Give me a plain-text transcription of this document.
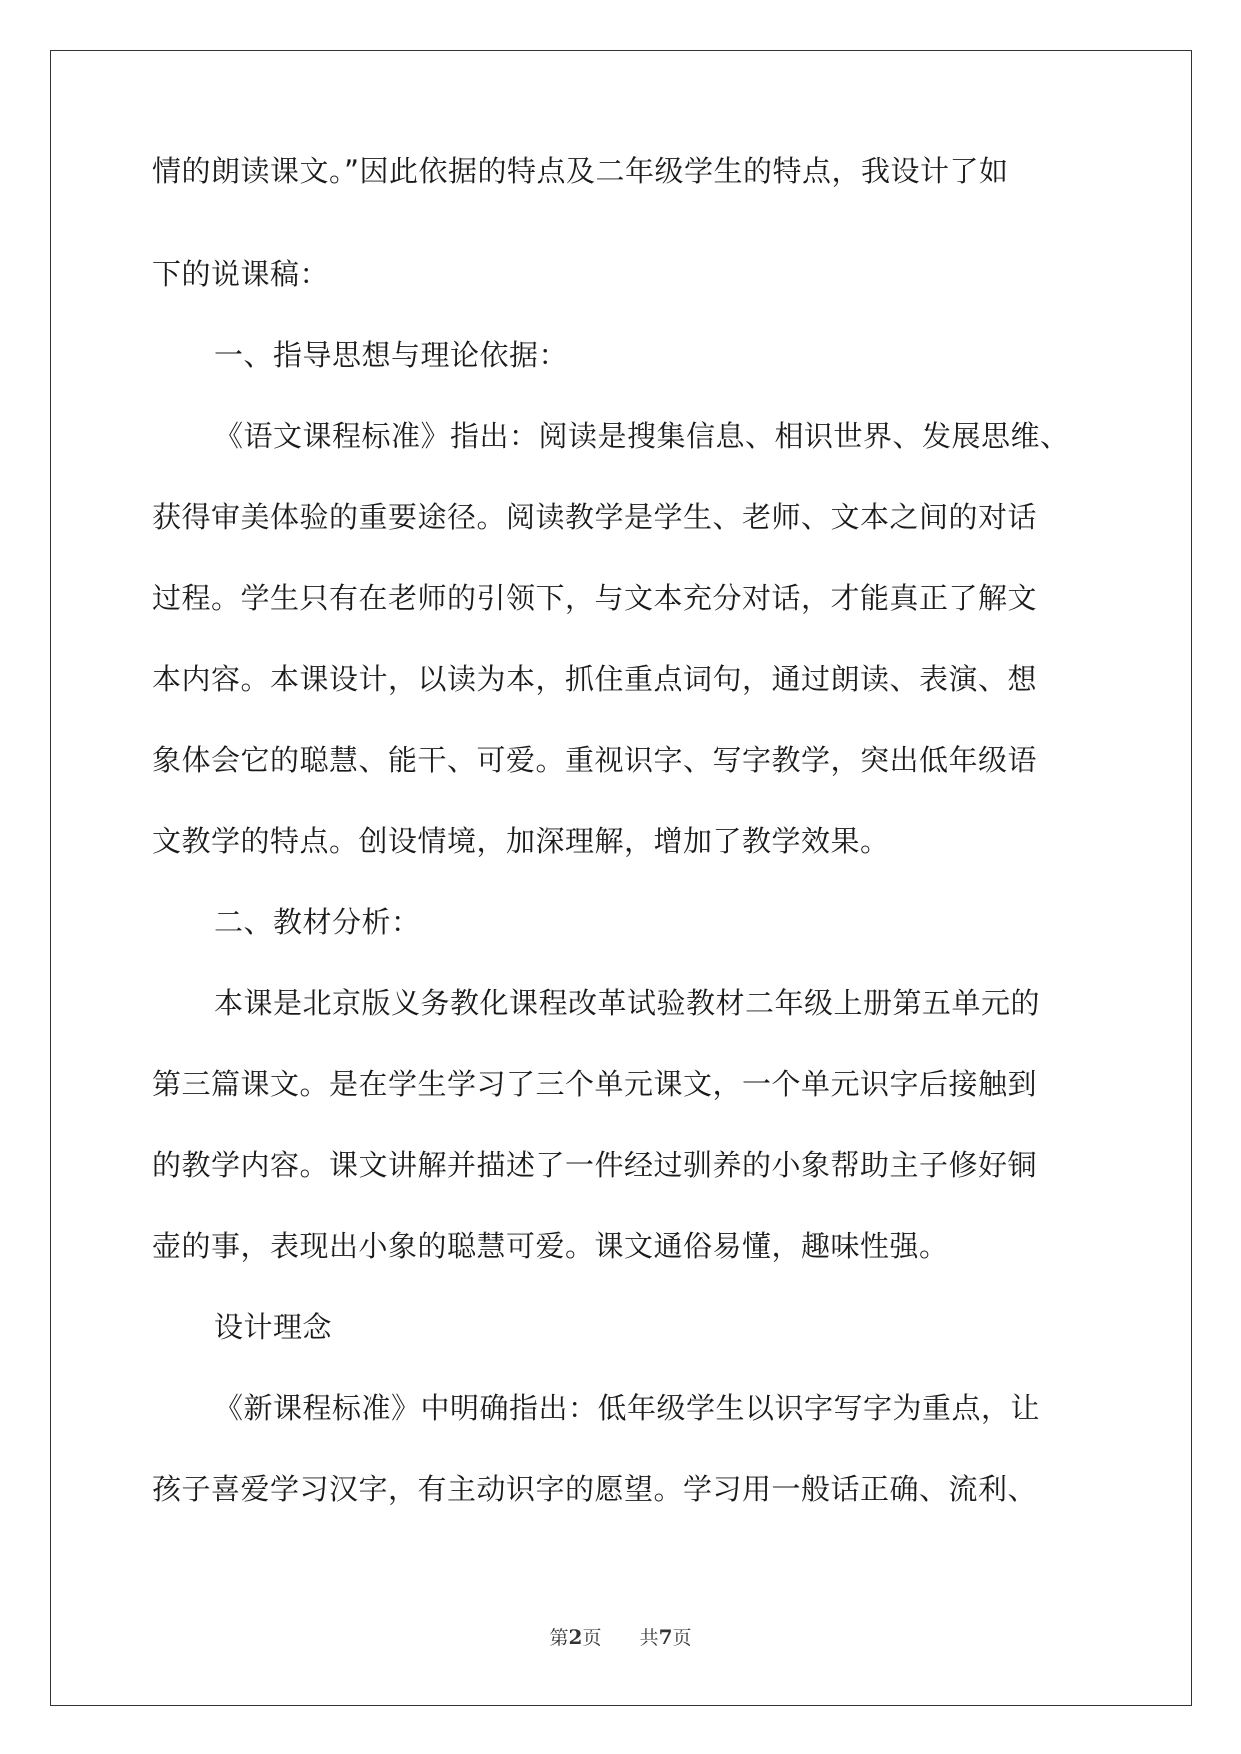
情的朗读课文。”因此依据的特点及二年级学生的特点，我设计了如
下的说课稿：
一、指导思想与理论依据：
《语文课程标准》指出：阅读是搜集信息、相识世界、发展思维、
获得审美体验的重要途径。阅读教学是学生、老师、文本之间的对话
过程。学生只有在老师的引领下，与文本充分对话，才能真正了解文
本内容。本课设计，以读为本，抓住重点词句，通过朗读、表演、想
象体会它的聪慧、能干、可爱。重视识字、写字教学，突出低年级语
文教学的特点。创设情境，加深理解，增加了教学效果。
二、教材分析：
本课是北京版义务教化课程改革试验教材二年级上册第五单元的
第三篇课文。是在学生学习了三个单元课文，一个单元识字后接触到
的教学内容。课文讲解并描述了一件经过驯养的小象帮助主子修好铜
壶的事，表现出小象的聪慧可爱。课文通俗易懂，趣味性强。
设计理念
《新课程标准》中明确指出：低年级学生以识字写字为重点，让
孩子喜爱学习汉字，有主动识字的愿望。学习用一般话正确、流利、
第2页 共7页
